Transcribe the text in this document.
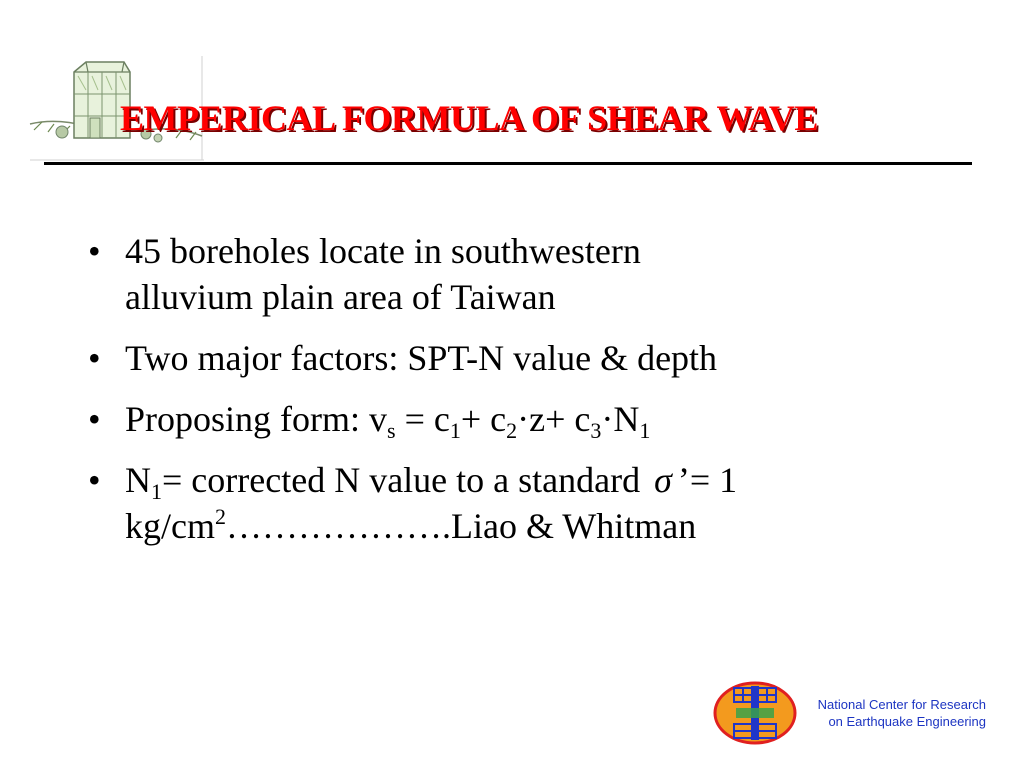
EMPERICAL FORMULA OF SHEAR WAVE
• 45 boreholes locate in southwestern
alluvium plain area of Taiwan
• Two major factors: SPT-N value & depth
• Proposing form: $v_s = c_1+ c_2\cdot z+ c_3\cdot N_1$
• $N_1=$ corrected N value to a standard σ ’= 1
$kg/cm^2\dots\dots\dots\dots\dots\dots.Liao$ & Whitman
National Center for Research
on Earthquake Engineering
